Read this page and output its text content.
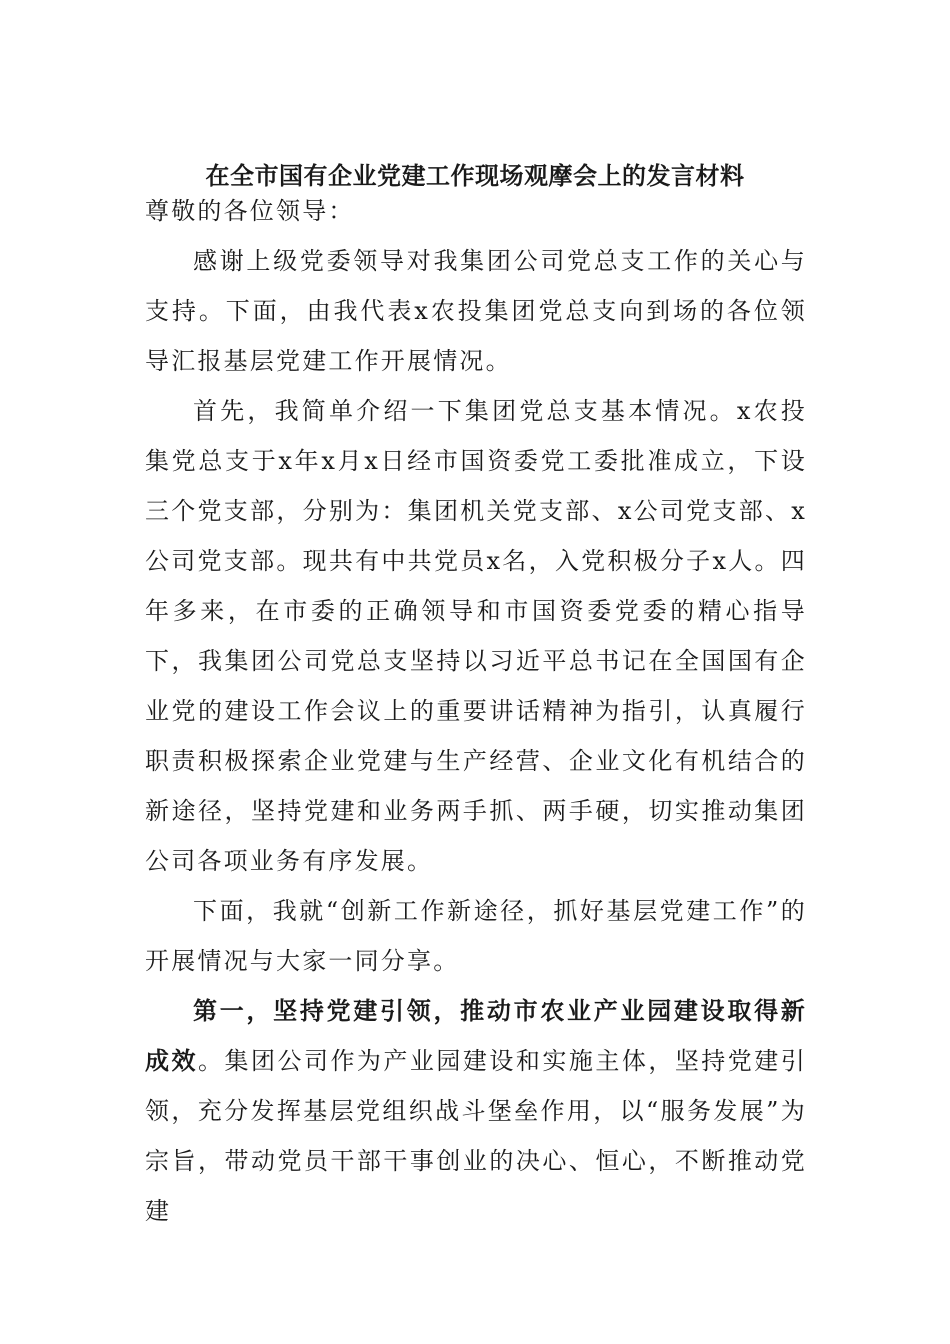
在全市国有企业党建工作现场观摩会上的发言材料

尊敬的各位领导：

感谢上级党委领导对我集团公司党总支工作的关心与支持。下面，由我代表x农投集团党总支向到场的各位领导汇报基层党建工作开展情况。

首先，我简单介绍一下集团党总支基本情况。x农投集党总支于x年x月x日经市国资委党工委批准成立，下设三个党支部，分别为：集团机关党支部、x公司党支部、x公司党支部。现共有中共党员x名，入党积极分子x人。四年多来，在市委的正确领导和市国资委党委的精心指导下，我集团公司党总支坚持以习近平总书记在全国国有企业党的建设工作会议上的重要讲话精神为指引，认真履行职责积极探索企业党建与生产经营、企业文化有机结合的新途径，坚持党建和业务两手抓、两手硬，切实推动集团公司各项业务有序发展。

下面，我就“创新工作新途径，抓好基层党建工作”的开展情况与大家一同分享。

第一，坚持党建引领，推动市农业产业园建设取得新成效。集团公司作为产业园建设和实施主体，坚持党建引领，充分发挥基层党组织战斗堡垒作用，以“服务发展”为宗旨，带动党员干部干事创业的决心、恒心，不断推动党建
